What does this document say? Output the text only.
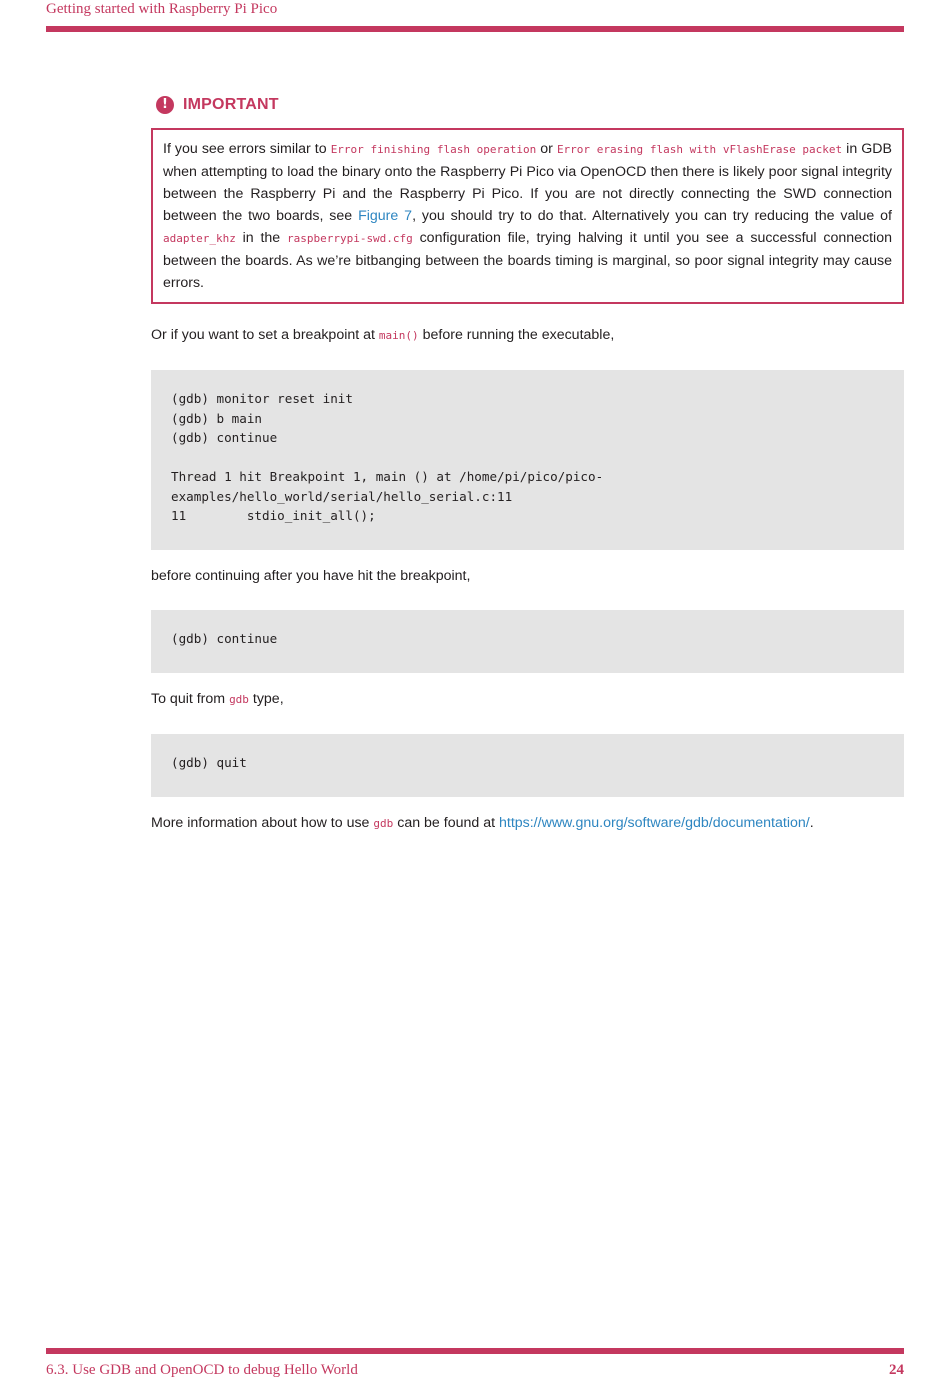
Getting started with Raspberry Pi Pico
! IMPORTANT
If you see errors similar to Error finishing flash operation or Error erasing flash with vFlashErase packet in GDB when attempting to load the binary onto the Raspberry Pi Pico via OpenOCD then there is likely poor signal integrity between the Raspberry Pi and the Raspberry Pi Pico. If you are not directly connecting the SWD connection between the two boards, see Figure 7, you should try to do that. Alternatively you can try reducing the value of adapter_khz in the raspberrypi-swd.cfg configuration file, trying halving it until you see a successful connection between the boards. As we’re bitbanging between the boards timing is marginal, so poor signal integrity may cause errors.
Or if you want to set a breakpoint at main() before running the executable,
(gdb) monitor reset init
(gdb) b main
(gdb) continue

Thread 1 hit Breakpoint 1, main () at /home/pi/pico/pico-
examples/hello_world/serial/hello_serial.c:11
11        stdio_init_all();
before continuing after you have hit the breakpoint,
(gdb) continue
To quit from gdb type,
(gdb) quit
More information about how to use gdb can be found at https://www.gnu.org/software/gdb/documentation/.
6.3. Use GDB and OpenOCD to debug Hello World	24
